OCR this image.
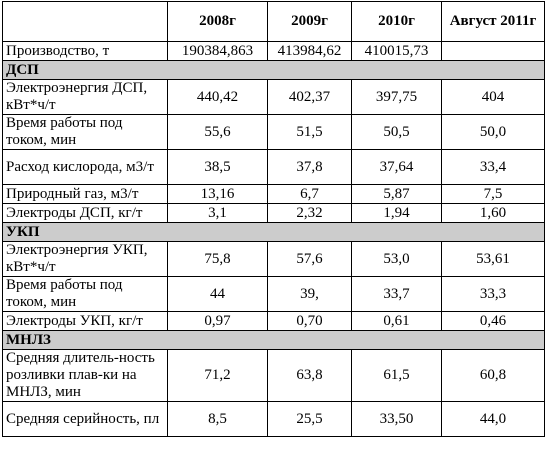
	2008г	2009г	2010г	Август 2011г
Производство, т	190384,863	413984,62	410015,73	
ДСП				
Электроэнергия ДСП, кВт*ч/т	440,42	402,37	397,75	404
Время работы под током, мин	55,6	51,5	50,5	50,0
Расход кислорода, м3/т	38,5	37,8	37,64	33,4
Природный газ, м3/т	13,16	6,7	5,87	7,5
Электроды ДСП, кг/т	3,1	2,32	1,94	1,60
УКП				
Электроэнергия УКП, кВт*ч/т	75,8	57,6	53,0	53,61
Время работы под током, мин	44	39,	33,7	33,3
Электроды УКП, кг/т	0,97	0,70	0,61	0,46
МНЛЗ				
Средняя длитель-ность розливки плав-ки на МНЛЗ, мин	71,2	63,8	61,5	60,8
Средняя серийность, пл	8,5	25,5	33,50	44,0
